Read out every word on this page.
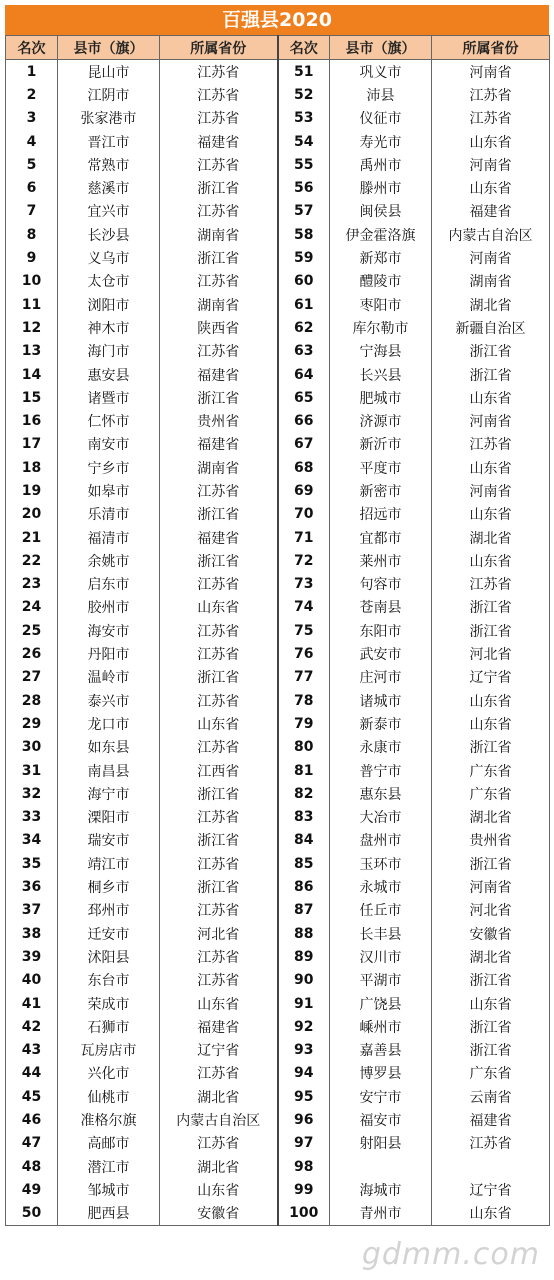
百强县2020
名次	县市（旗）	所属省份	名次	县市（旗）	所属省份
1	昆山市	江苏省	51	巩义市	河南省
2	江阴市	江苏省	52	沛县	江苏省
3	张家港市	江苏省	53	仪征市	江苏省
4	晋江市	福建省	54	寿光市	山东省
5	常熟市	江苏省	55	禹州市	河南省
6	慈溪市	浙江省	56	滕州市	山东省
7	宜兴市	江苏省	57	闽侯县	福建省
8	长沙县	湖南省	58	伊金霍洛旗	内蒙古自治区
9	义乌市	浙江省	59	新郑市	河南省
10	太仓市	江苏省	60	醴陵市	湖南省
11	浏阳市	湖南省	61	枣阳市	湖北省
12	神木市	陕西省	62	库尔勒市	新疆自治区
13	海门市	江苏省	63	宁海县	浙江省
14	惠安县	福建省	64	长兴县	浙江省
15	诸暨市	浙江省	65	肥城市	山东省
16	仁怀市	贵州省	66	济源市	河南省
17	南安市	福建省	67	新沂市	江苏省
18	宁乡市	湖南省	68	平度市	山东省
19	如皋市	江苏省	69	新密市	河南省
20	乐清市	浙江省	70	招远市	山东省
21	福清市	福建省	71	宜都市	湖北省
22	余姚市	浙江省	72	莱州市	山东省
23	启东市	江苏省	73	句容市	江苏省
24	胶州市	山东省	74	苍南县	浙江省
25	海安市	江苏省	75	东阳市	浙江省
26	丹阳市	江苏省	76	武安市	河北省
27	温岭市	浙江省	77	庄河市	辽宁省
28	泰兴市	江苏省	78	诸城市	山东省
29	龙口市	山东省	79	新泰市	山东省
30	如东县	江苏省	80	永康市	浙江省
31	南昌县	江西省	81	普宁市	广东省
32	海宁市	浙江省	82	惠东县	广东省
33	溧阳市	江苏省	83	大冶市	湖北省
34	瑞安市	浙江省	84	盘州市	贵州省
35	靖江市	江苏省	85	玉环市	浙江省
36	桐乡市	浙江省	86	永城市	河南省
37	邳州市	江苏省	87	任丘市	河北省
38	迁安市	河北省	88	长丰县	安徽省
39	沭阳县	江苏省	89	汉川市	湖北省
40	东台市	江苏省	90	平湖市	浙江省
41	荣成市	山东省	91	广饶县	山东省
42	石狮市	福建省	92	嵊州市	浙江省
43	瓦房店市	辽宁省	93	嘉善县	浙江省
44	兴化市	江苏省	94	博罗县	广东省
45	仙桃市	湖北省	95	安宁市	云南省
46	准格尔旗	内蒙古自治区	96	福安市	福建省
47	高邮市	江苏省	97	射阳县	江苏省
48	潜江市	湖北省	98		
49	邹城市	山东省	99	海城市	辽宁省
50	肥西县	安徽省	100	青州市	山东省
gdmm.com
